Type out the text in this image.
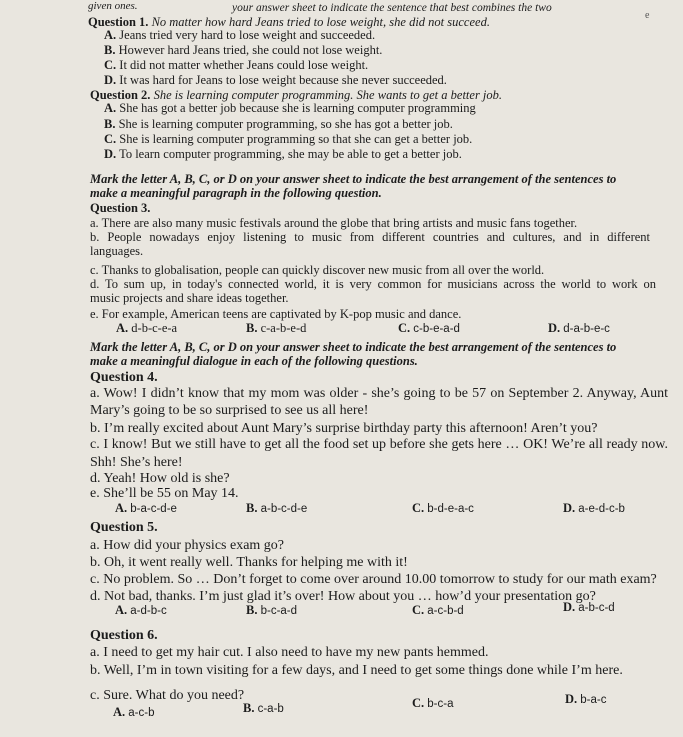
given ones.	your answer sheet to indicate the sentence that best combines the two
e
Question 1. No matter how hard Jeans tried to lose weight, she did not succeed.
A. Jeans tried very hard to lose weight and succeeded.
B. However hard Jeans tried, she could not lose weight.
C. It did not matter whether Jeans could lose weight.
D. It was hard for Jeans to lose weight because she never succeeded.
Question 2. She is learning computer programming. She wants to get a better job.
A. She has got a better job because she is learning computer programming
B. She is learning computer programming, so she has got a better job.
C. She is learning computer programming so that she can get a better job.
D. To learn computer programming, she may be able to get a better job.
Mark the letter A, B, C, or D on your answer sheet to indicate the best arrangement of the sentences to
make a meaningful paragraph in the following question.
Question 3.
a. There are also many music festivals around the globe that bring artists and music fans together.
b. People nowadays enjoy listening to music from different countries and cultures, and in different
languages.
c. Thanks to globalisation, people can quickly discover new music from all over the world.
d. To sum up, in today's connected world, it is very common for musicians across the world to work on
music projects and share ideas together.
e. For example, American teens are captivated by K-pop music and dance.
A. d-b-c-e-a	B. c-a-b-e-d	C. c-b-e-a-d	D. d-a-b-e-c
Mark the letter A, B, C, or D on your answer sheet to indicate the best arrangement of the sentences to
make a meaningful dialogue in each of the following questions.
Question 4.
a. Wow! I didn’t know that my mom was older - she’s going to be 57 on September 2. Anyway, Aunt
Mary’s going to be so surprised to see us all here!
b. I’m really excited about Aunt Mary’s surprise birthday party this afternoon! Aren’t you?
c. I know! But we still have to get all the food set up before she gets here … OK! We’re all ready now.
Shh! She’s here!
d. Yeah! How old is she?
e. She’ll be 55 on May 14.
A. b-a-c-d-e	B. a-b-c-d-e	C. b-d-e-a-c	D. a-e-d-c-b
Question 5.
a. How did your physics exam go?
b. Oh, it went really well. Thanks for helping me with it!
c. No problem. So … Don’t forget to come over around 10.00 tomorrow to study for our math exam?
d. Not bad, thanks. I’m just glad it’s over! How about you … how’d your presentation go?
A. a-d-b-c	B. b-c-a-d	C. a-c-b-d	D. a-b-c-d
Question 6.
a. I need to get my hair cut. I also need to have my new pants hemmed.
b. Well, I’m in town visiting for a few days, and I need to get some things done while I’m here.
c. Sure. What do you need?
A. a-c-b	B. c-a-b	C. b-c-a	D. b-a-c
